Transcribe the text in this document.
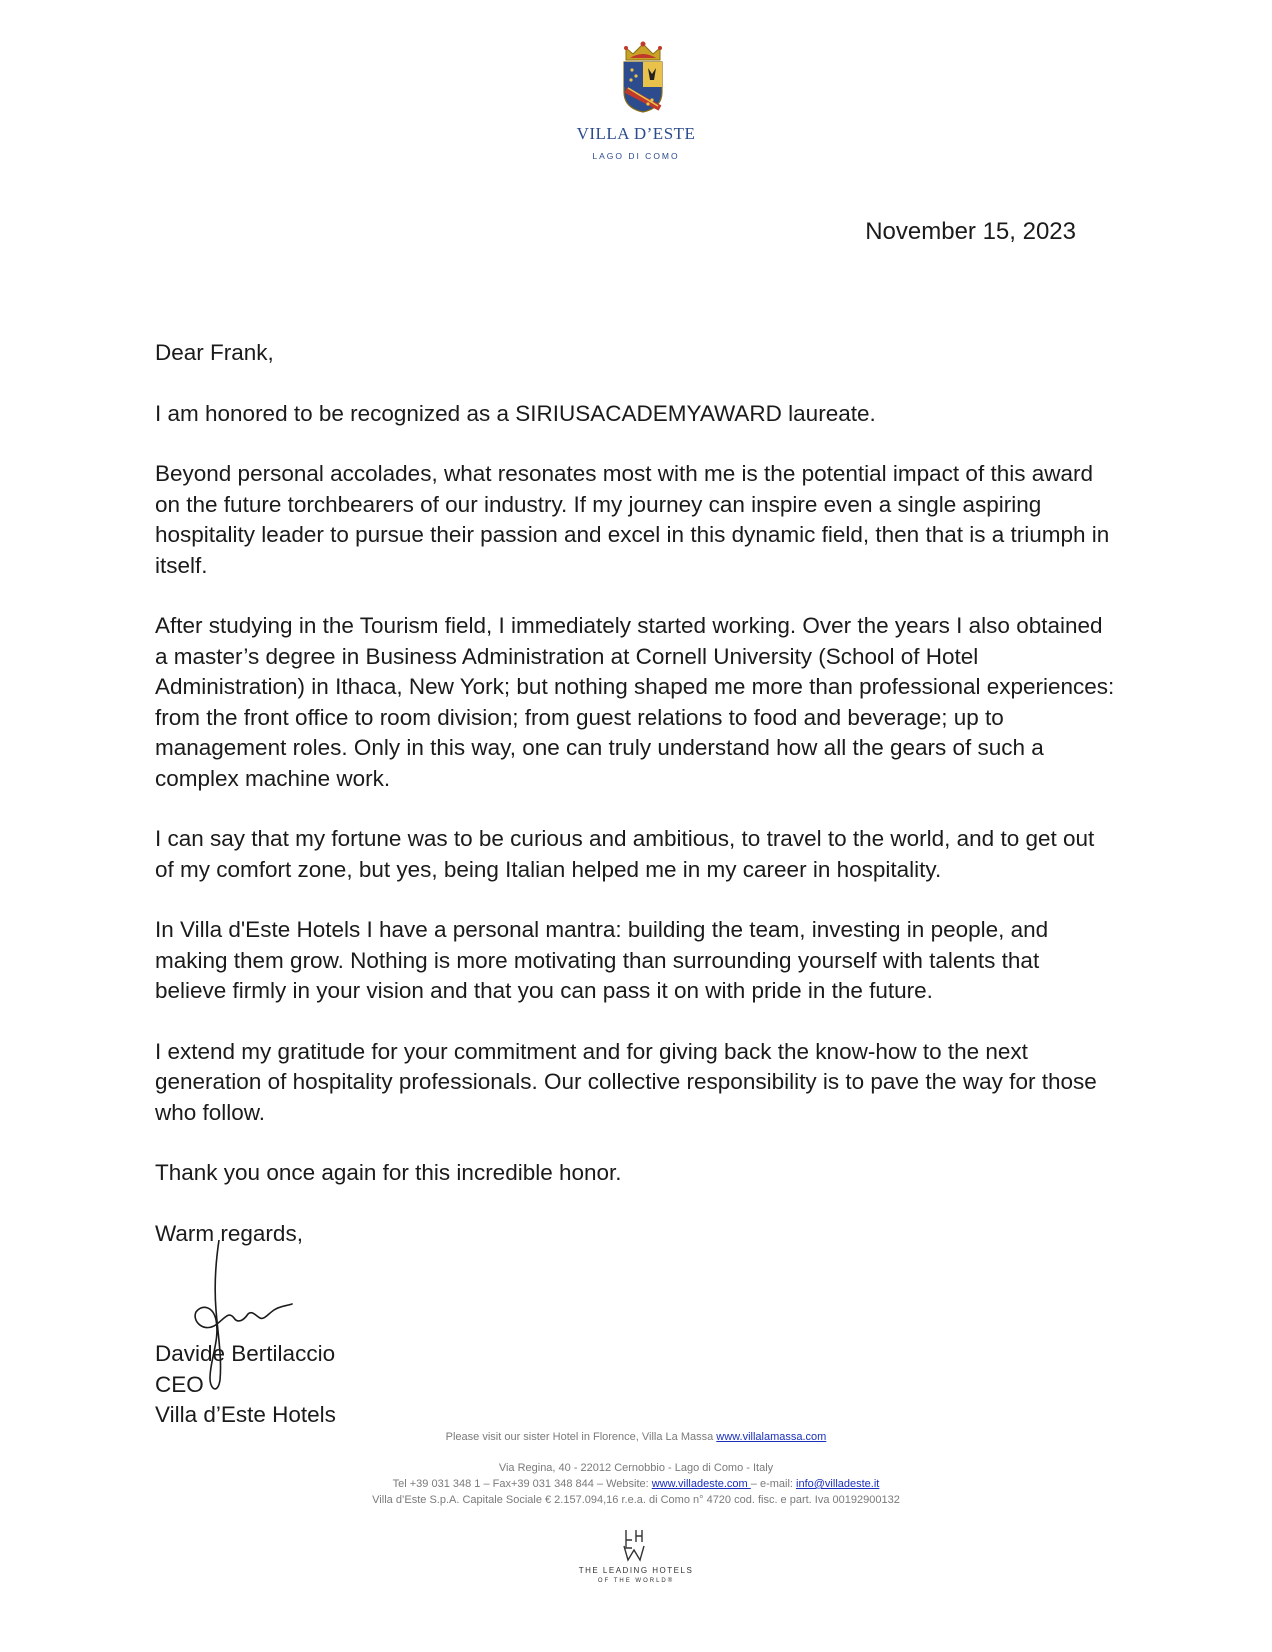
VILLA D’ESTE
LAGO DI COMO
November 15, 2023

Dear Frank,

I am honored to be recognized as a SIRIUSACADEMYAWARD laureate.

Beyond personal accolades, what resonates most with me is the potential impact of this award on the future torchbearers of our industry. If my journey can inspire even a single aspiring hospitality leader to pursue their passion and excel in this dynamic field, then that is a triumph in itself.

After studying in the Tourism field, I immediately started working. Over the years I also obtained a master’s degree in Business Administration at Cornell University (School of Hotel Administration) in Ithaca, New York; but nothing shaped me more than professional experiences: from the front office to room division; from guest relations to food and beverage; up to management roles. Only in this way, one can truly understand how all the gears of such a complex machine work.

I can say that my fortune was to be curious and ambitious, to travel to the world, and to get out of my comfort zone, but yes, being Italian helped me in my career in hospitality.

In Villa d'Este Hotels I have a personal mantra: building the team, investing in people, and making them grow. Nothing is more motivating than surrounding yourself with talents that believe firmly in your vision and that you can pass it on with pride in the future.

I extend my gratitude for your commitment and for giving back the know-how to the next generation of hospitality professionals. Our collective responsibility is to pave the way for those who follow.

Thank you once again for this incredible honor.

Warm regards,

Davide Bertilaccio
CEO
Villa d’Este Hotels
Please visit our sister Hotel in Florence, Villa La Massa www.villalamassa.com
Via Regina, 40 - 22012 Cernobbio - Lago di Como - Italy
Tel +39 031 348 1 – Fax+39 031 348 844 – Website: www.villadeste.com – e-mail: info@villadeste.it
Villa d’Este S.p.A. Capitale Sociale € 2.157.094,16 r.e.a. di Como n° 4720 cod. fisc. e part. Iva 00192900132
THE LEADING HOTELS
OF THE WORLD®
